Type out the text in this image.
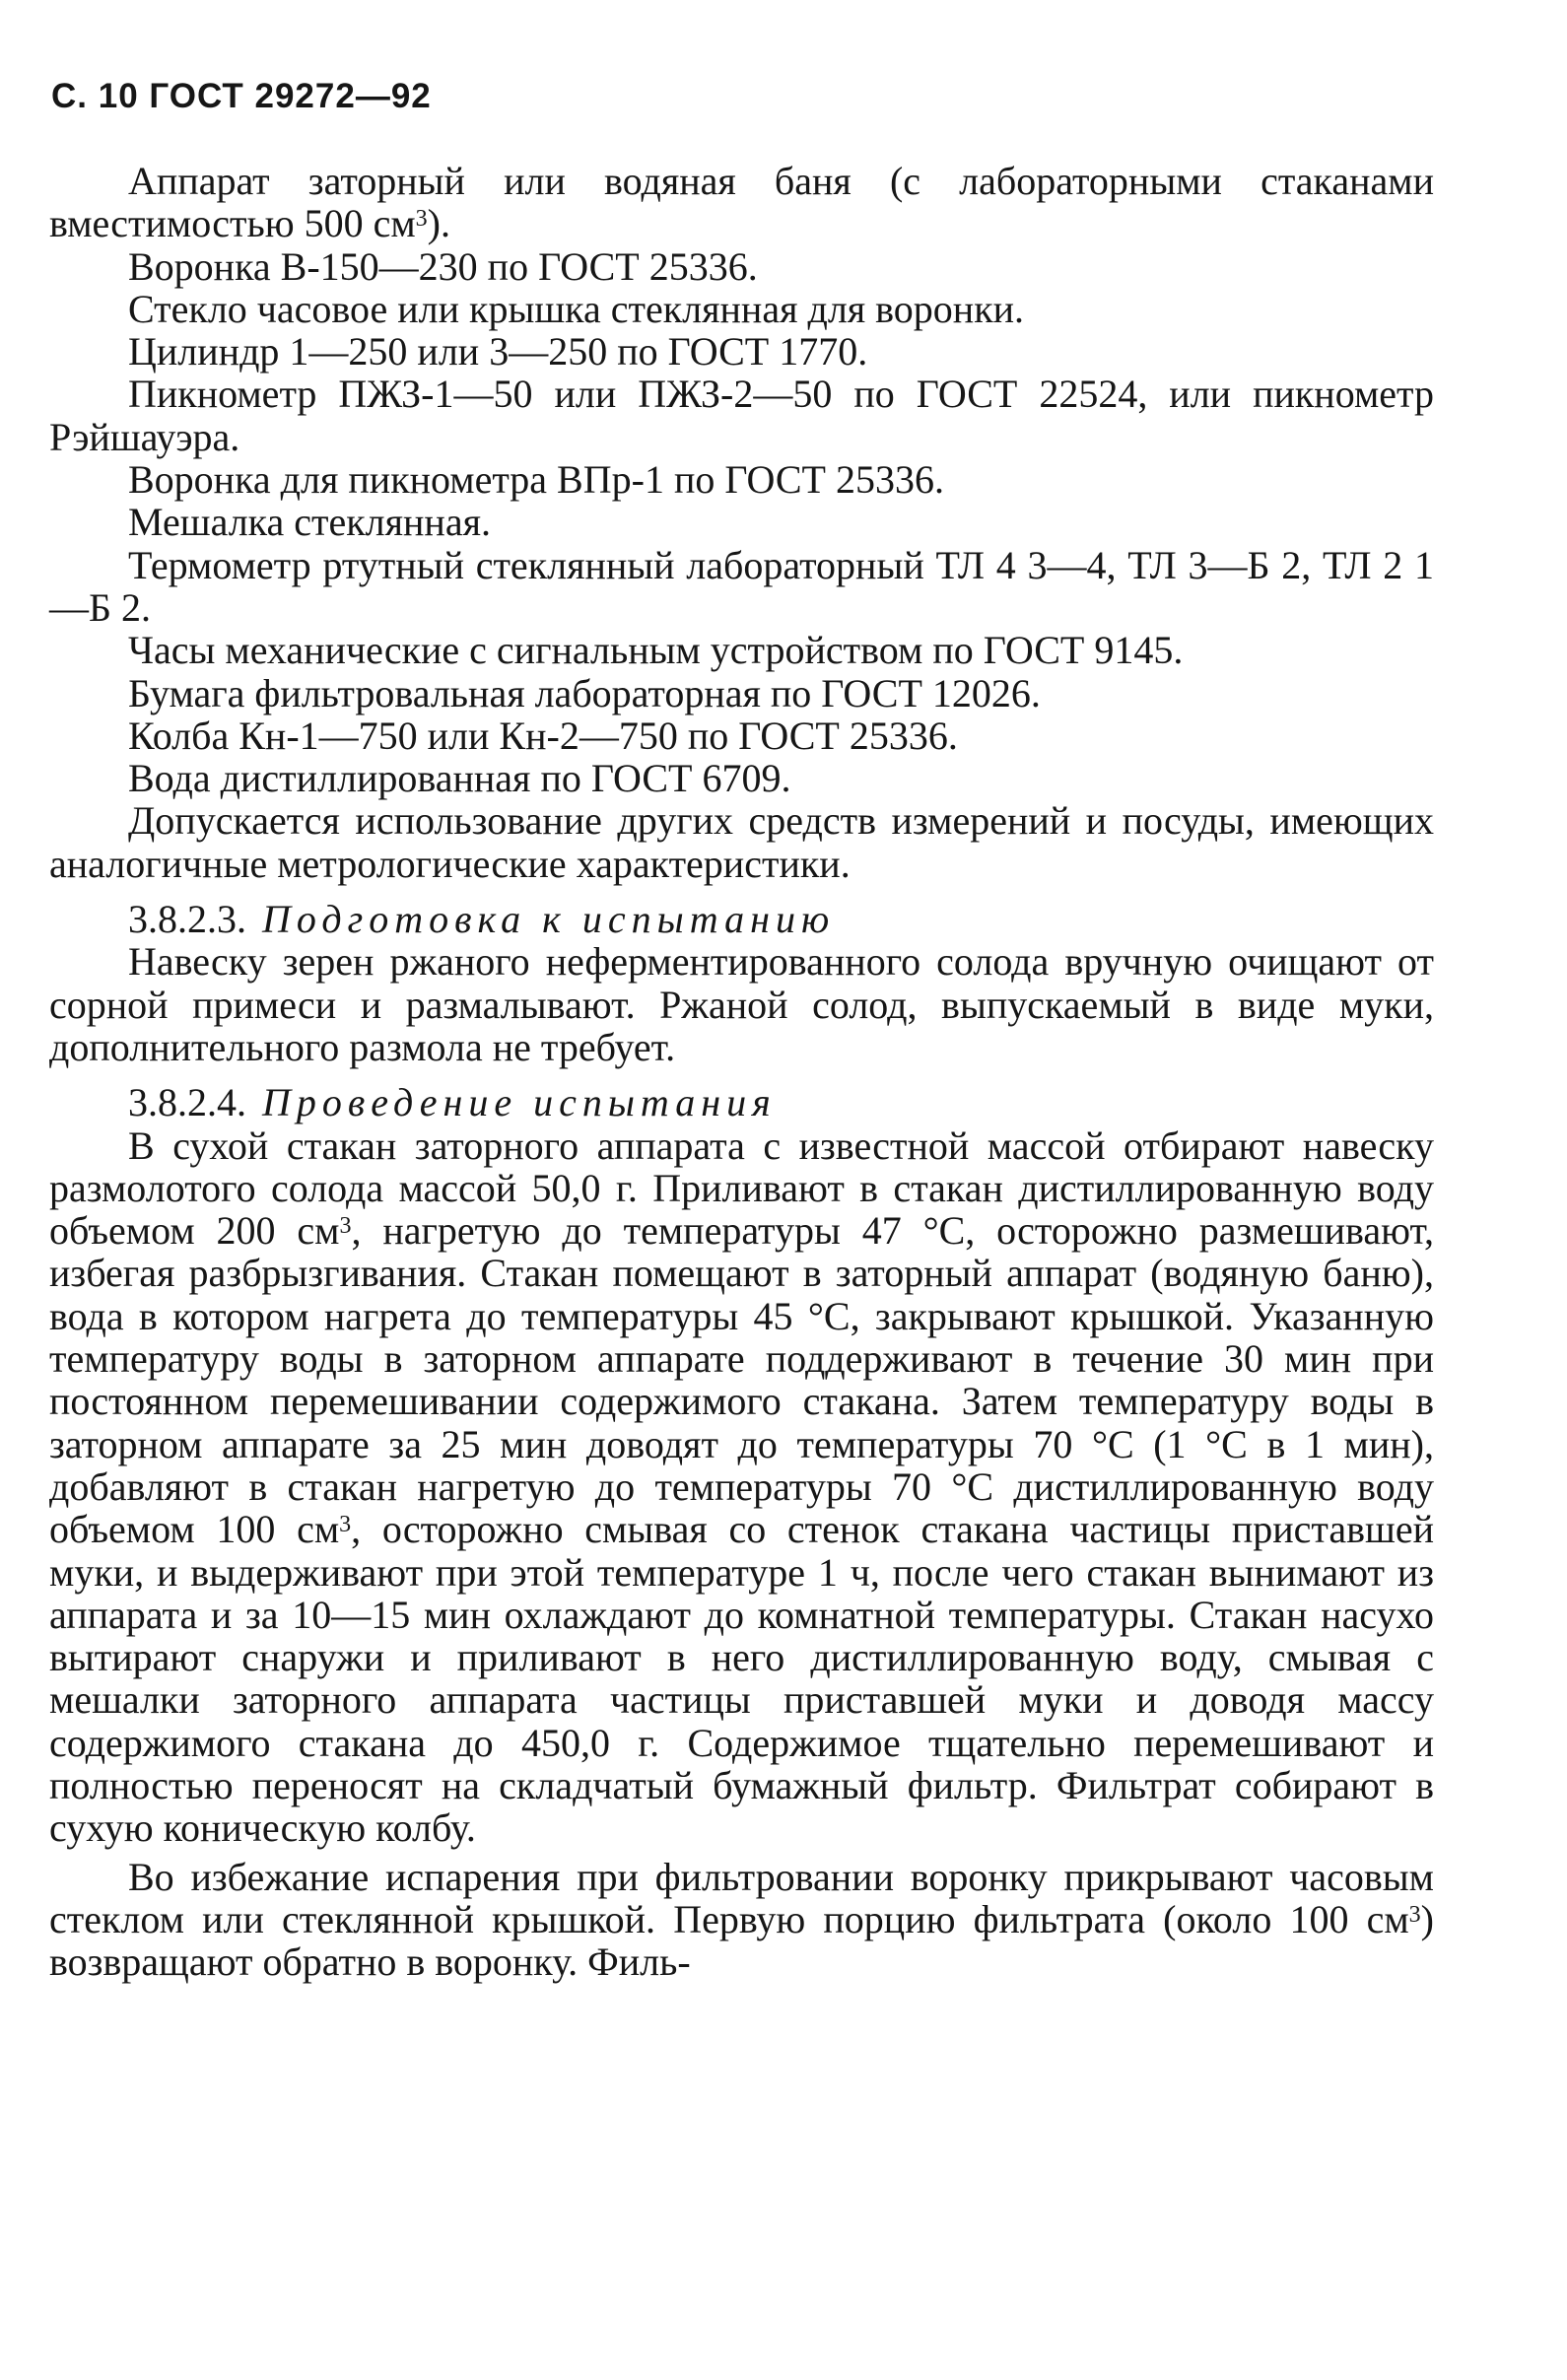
С. 10 ГОСТ 29272—92

Аппарат заторный или водяная баня (с лабораторными стаканами вместимостью 500 $см^3$).

Воронка В-150—230 по ГОСТ 25336.

Стекло часовое или крышка стеклянная для воронки.

Цилиндр 1—250 или 3—250 по ГОСТ 1770.

Пикнометр ПЖЗ-1—50 или ПЖЗ-2—50 по ГОСТ 22524, или пикнометр Рэйшауэра.

Воронка для пикнометра ВПр-1 по ГОСТ 25336.

Мешалка стеклянная.

Термометр ртутный стеклянный лабораторный ТЛ 4 3—4, ТЛ 3—Б 2, ТЛ 2 1—Б 2.

Часы механические с сигнальным устройством по ГОСТ 9145.

Бумага фильтровальная лабораторная по ГОСТ 12026.

Колба Кн-1—750 или Кн-2—750 по ГОСТ 25336.

Вода дистиллированная по ГОСТ 6709.

Допускается использование других средств измерений и посуды, имеющих аналогичные метрологические характеристики.

3.8.2.3. Подготовка к испытанию

Навеску зерен ржаного неферментированного солода вручную очищают от сорной примеси и размалывают. Ржаной солод, выпускаемый в виде муки, дополнительного размола не требует.

3.8.2.4. Проведение испытания

В сухой стакан заторного аппарата с известной массой отбирают навеску размолотого солода массой 50,0 г. Приливают в стакан дистиллированную воду объемом 200 $см^3$, нагретую до температуры 47 °С, осторожно размешивают, избегая разбрызгивания. Стакан помещают в заторный аппарат (водяную баню), вода в котором нагрета до температуры 45 °С, закрывают крышкой. Указанную температуру воды в заторном аппарате поддерживают в течение 30 мин при постоянном перемешивании содержимого стакана. Затем температуру воды в заторном аппарате за 25 мин доводят до температуры 70 °С (1 °С в 1 мин), добавляют в стакан нагретую до температуры 70 °С дистиллированную воду объемом 100 $см^3$, осторожно смывая со стенок стакана частицы приставшей муки, и выдерживают при этой температуре 1 ч, после чего стакан вынимают из аппарата и за 10—15 мин охлаждают до комнатной температуры. Стакан насухо вытирают снаружи и приливают в него дистиллированную воду, смывая с мешалки заторного аппарата частицы приставшей муки и доводя массу содержимого стакана до 450,0 г. Содержимое тщательно перемешивают и полностью переносят на складчатый бумажный фильтр. Фильтрат собирают в сухую коническую колбу.

Во избежание испарения при фильтровании воронку прикрывают часовым стеклом или стеклянной крышкой. Первую порцию фильтрата (около 100 $см^3$) возвращают обратно в воронку. Филь-
